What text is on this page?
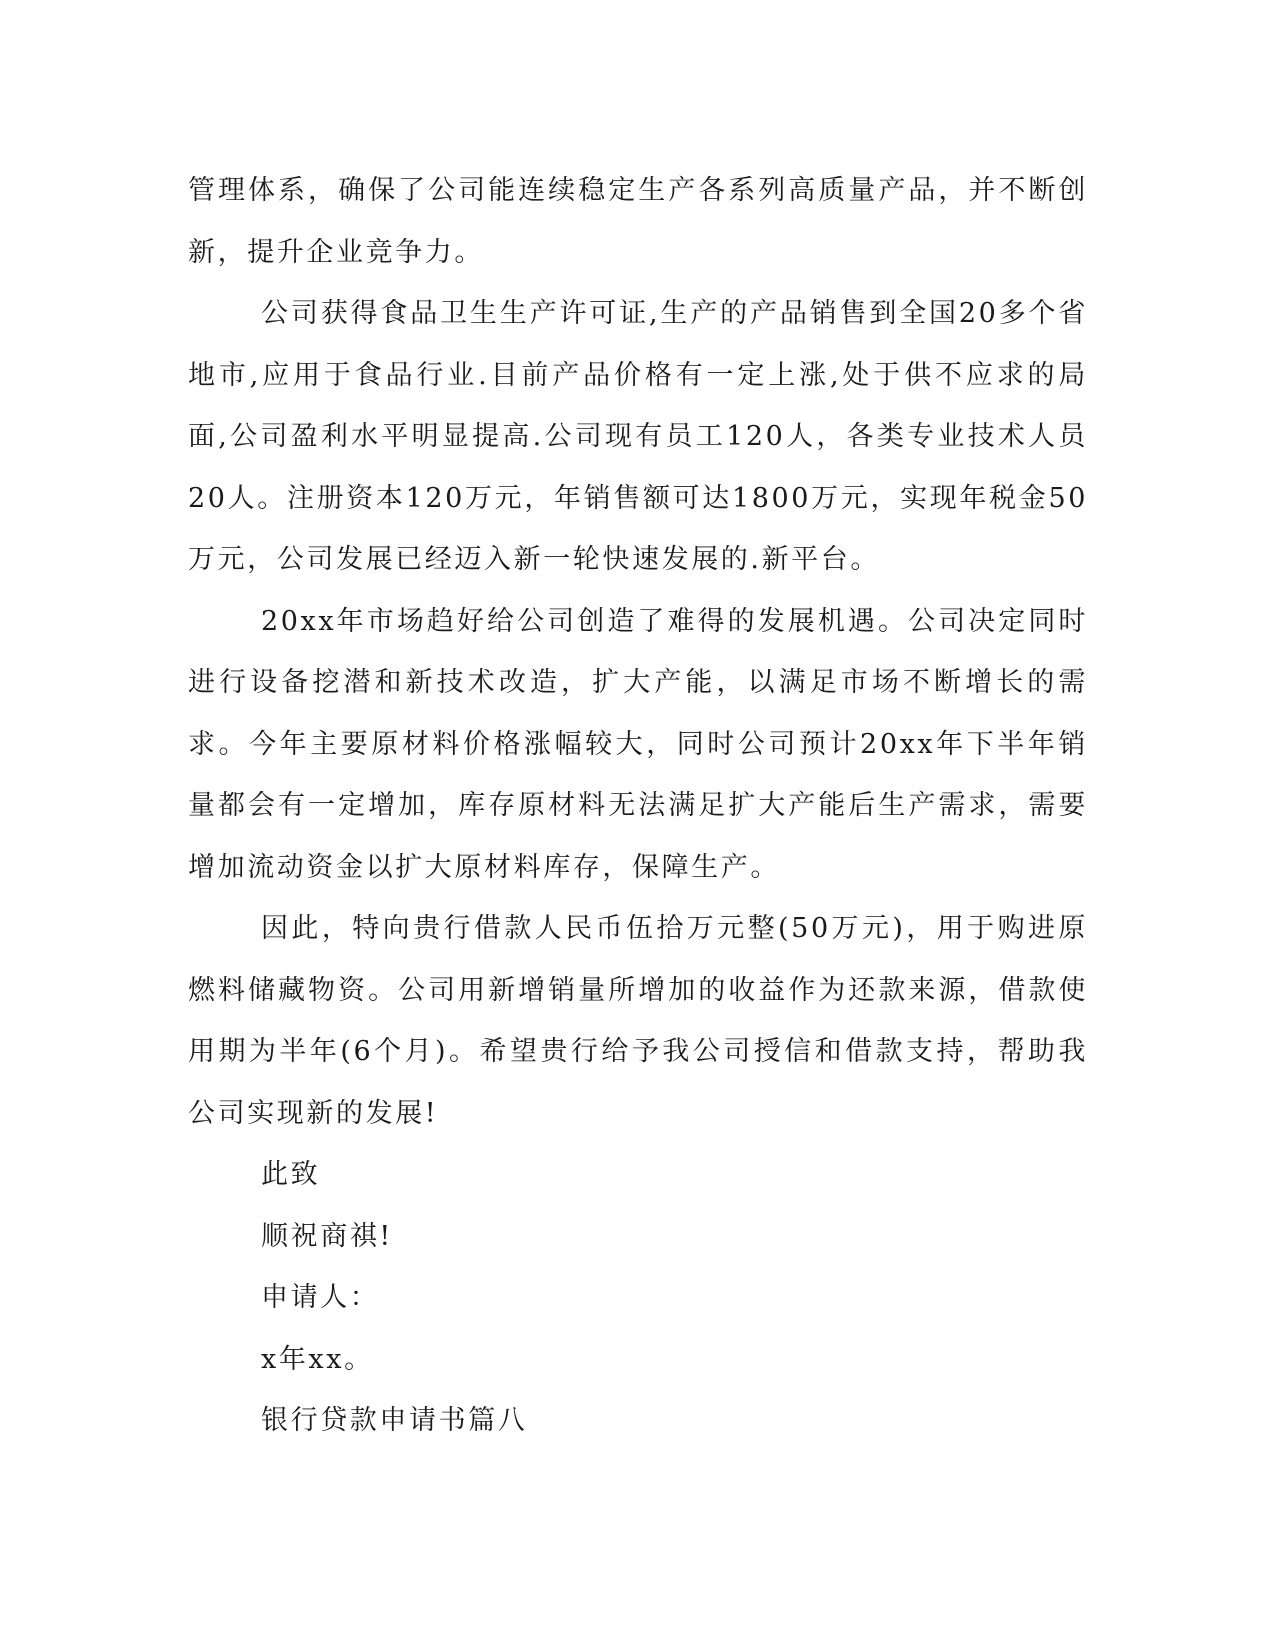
管理体系，确保了公司能连续稳定生产各系列高质量产品，并不断创新，提升企业竞争力。

公司获得食品卫生生产许可证,生产的产品销售到全国20多个省地市,应用于食品行业.目前产品价格有一定上涨,处于供不应求的局面,公司盈利水平明显提高.公司现有员工120人，各类专业技术人员20人。注册资本120万元，年销售额可达1800万元，实现年税金50万元，公司发展已经迈入新一轮快速发展的.新平台。

20xx年市场趋好给公司创造了难得的发展机遇。公司决定同时进行设备挖潜和新技术改造，扩大产能，以满足市场不断增长的需求。今年主要原材料价格涨幅较大，同时公司预计20xx年下半年销量都会有一定增加，库存原材料无法满足扩大产能后生产需求，需要增加流动资金以扩大原材料库存，保障生产。

因此，特向贵行借款人民币伍拾万元整(50万元)，用于购进原燃料储藏物资。公司用新增销量所增加的收益作为还款来源，借款使用期为半年(6个月)。希望贵行给予我公司授信和借款支持，帮助我公司实现新的发展!

此致

顺祝商祺!

申请人：

x年xx。

银行贷款申请书篇八
